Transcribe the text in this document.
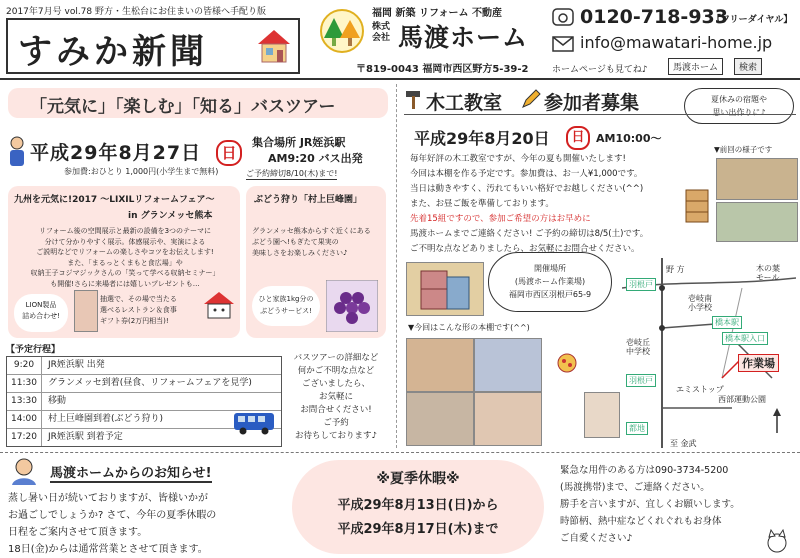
2017年7月号 vol.78 野方・生松台にお住まいの皆様へ手配り版
すみか新聞
福岡 新築 リフォーム 不動産
株式
会社 馬渡ホーム
〒819-0043 福岡市西区野方5-39-2
0120-718-933
【フリーダイヤル】
info@mawatari-home.jp
ホームページも見てね♪	馬渡ホーム	検索
「元気に」「楽しむ」「知る」バスツアー
平成29年8月27日	日
参加費:おひとり 1,000円(小学生まで無料)
集合場所 JR姪浜駅
AM9:20 バス出発
ご予約締切8/10(木)まで!
九州を元気に!2017 ～LIXILリフォームフェア～
in グランメッセ熊本
リフォーム後の空間展示と最新の設備を3つのテーマに
分けて分かりやすく展示。体感展示や、実演による
ご説明などでリフォームの楽しさやコツをお伝えします!
また、「まるっとくまもと食広場」や
収納王子コジマジックさんの「笑って学べる収納セミナー」
も開催!さらに来場者には嬉しいプレゼントも…
LION製品
詰め合わせ!
抽選で、その場で当たる
選べるレストラン＆食事
ギフト券(2万円相当)!
ぶどう狩り「村上巨峰園」
グランメッセ熊本からすぐ近くにある
ぶどう園へ!もぎたて果実の
美味しさをお楽しみください♪
ひと家族1kg分の
ぶどうサービス!
【予定行程】
9:20	JR姪浜駅 出発
11:30	グランメッセ到着(昼食、リフォームフェアを見学)
13:30	移動
14:00	村上巨峰園到着(ぶどう狩り)
17:20	JR姪浜駅 到着予定
バスツアーの詳細など
何かご不明な点など
ございましたら、
お気軽に
お問合せください!
ご予約
お待ちしております♪
木工教室 参加者募集	夏休みの宿題や
思い出作りに♪
平成29年8月20日	日	AM10:00～
毎年好評の木工教室ですが、今年の夏も開催いたします!
今回は本棚を作る予定です。参加費は、お一人¥1,000です。
当日は動きやすく、汚れてもいい格好でお越しください(^^)
また、お昼ご飯を準備しております。
先着15組ですので、参加ご希望の方はお早めに
馬渡ホームまでご連絡ください! ご予約の締切は8/5(土)です。
ご不明な点などありましたら、お気軽にお問合せください。
▼前回の様子です
開催場所
(馬渡ホーム作業場)
福岡市西区羽根戸65-9
▼今回はこんな形の本棚です(^^)
野 方	木の葉
モール
羽根戸
壱岐南
小学校
橋本駅
橋本駅入口
壱岐丘
中学校
作業場
羽根戸
エミストップ
西部運動公園
都地
至 金武
馬渡ホームからのお知らせ!
蒸し暑い日が続いておりますが、皆様いかが
お過ごしでしょうか? さて、今年の夏季休暇の
日程をご案内させて頂きます。
18日(金)からは通常営業とさせて頂きます。
※夏季休暇※
平成29年8月13日(日)から
平成29年8月17日(木)まで
緊急な用件のある方は090-3734-5200
(馬渡携帯)まで、ご連絡ください。
勝手を言いますが、宜しくお願いします。
時節柄、熱中症などくれぐれもお身体
ご自愛ください♪
